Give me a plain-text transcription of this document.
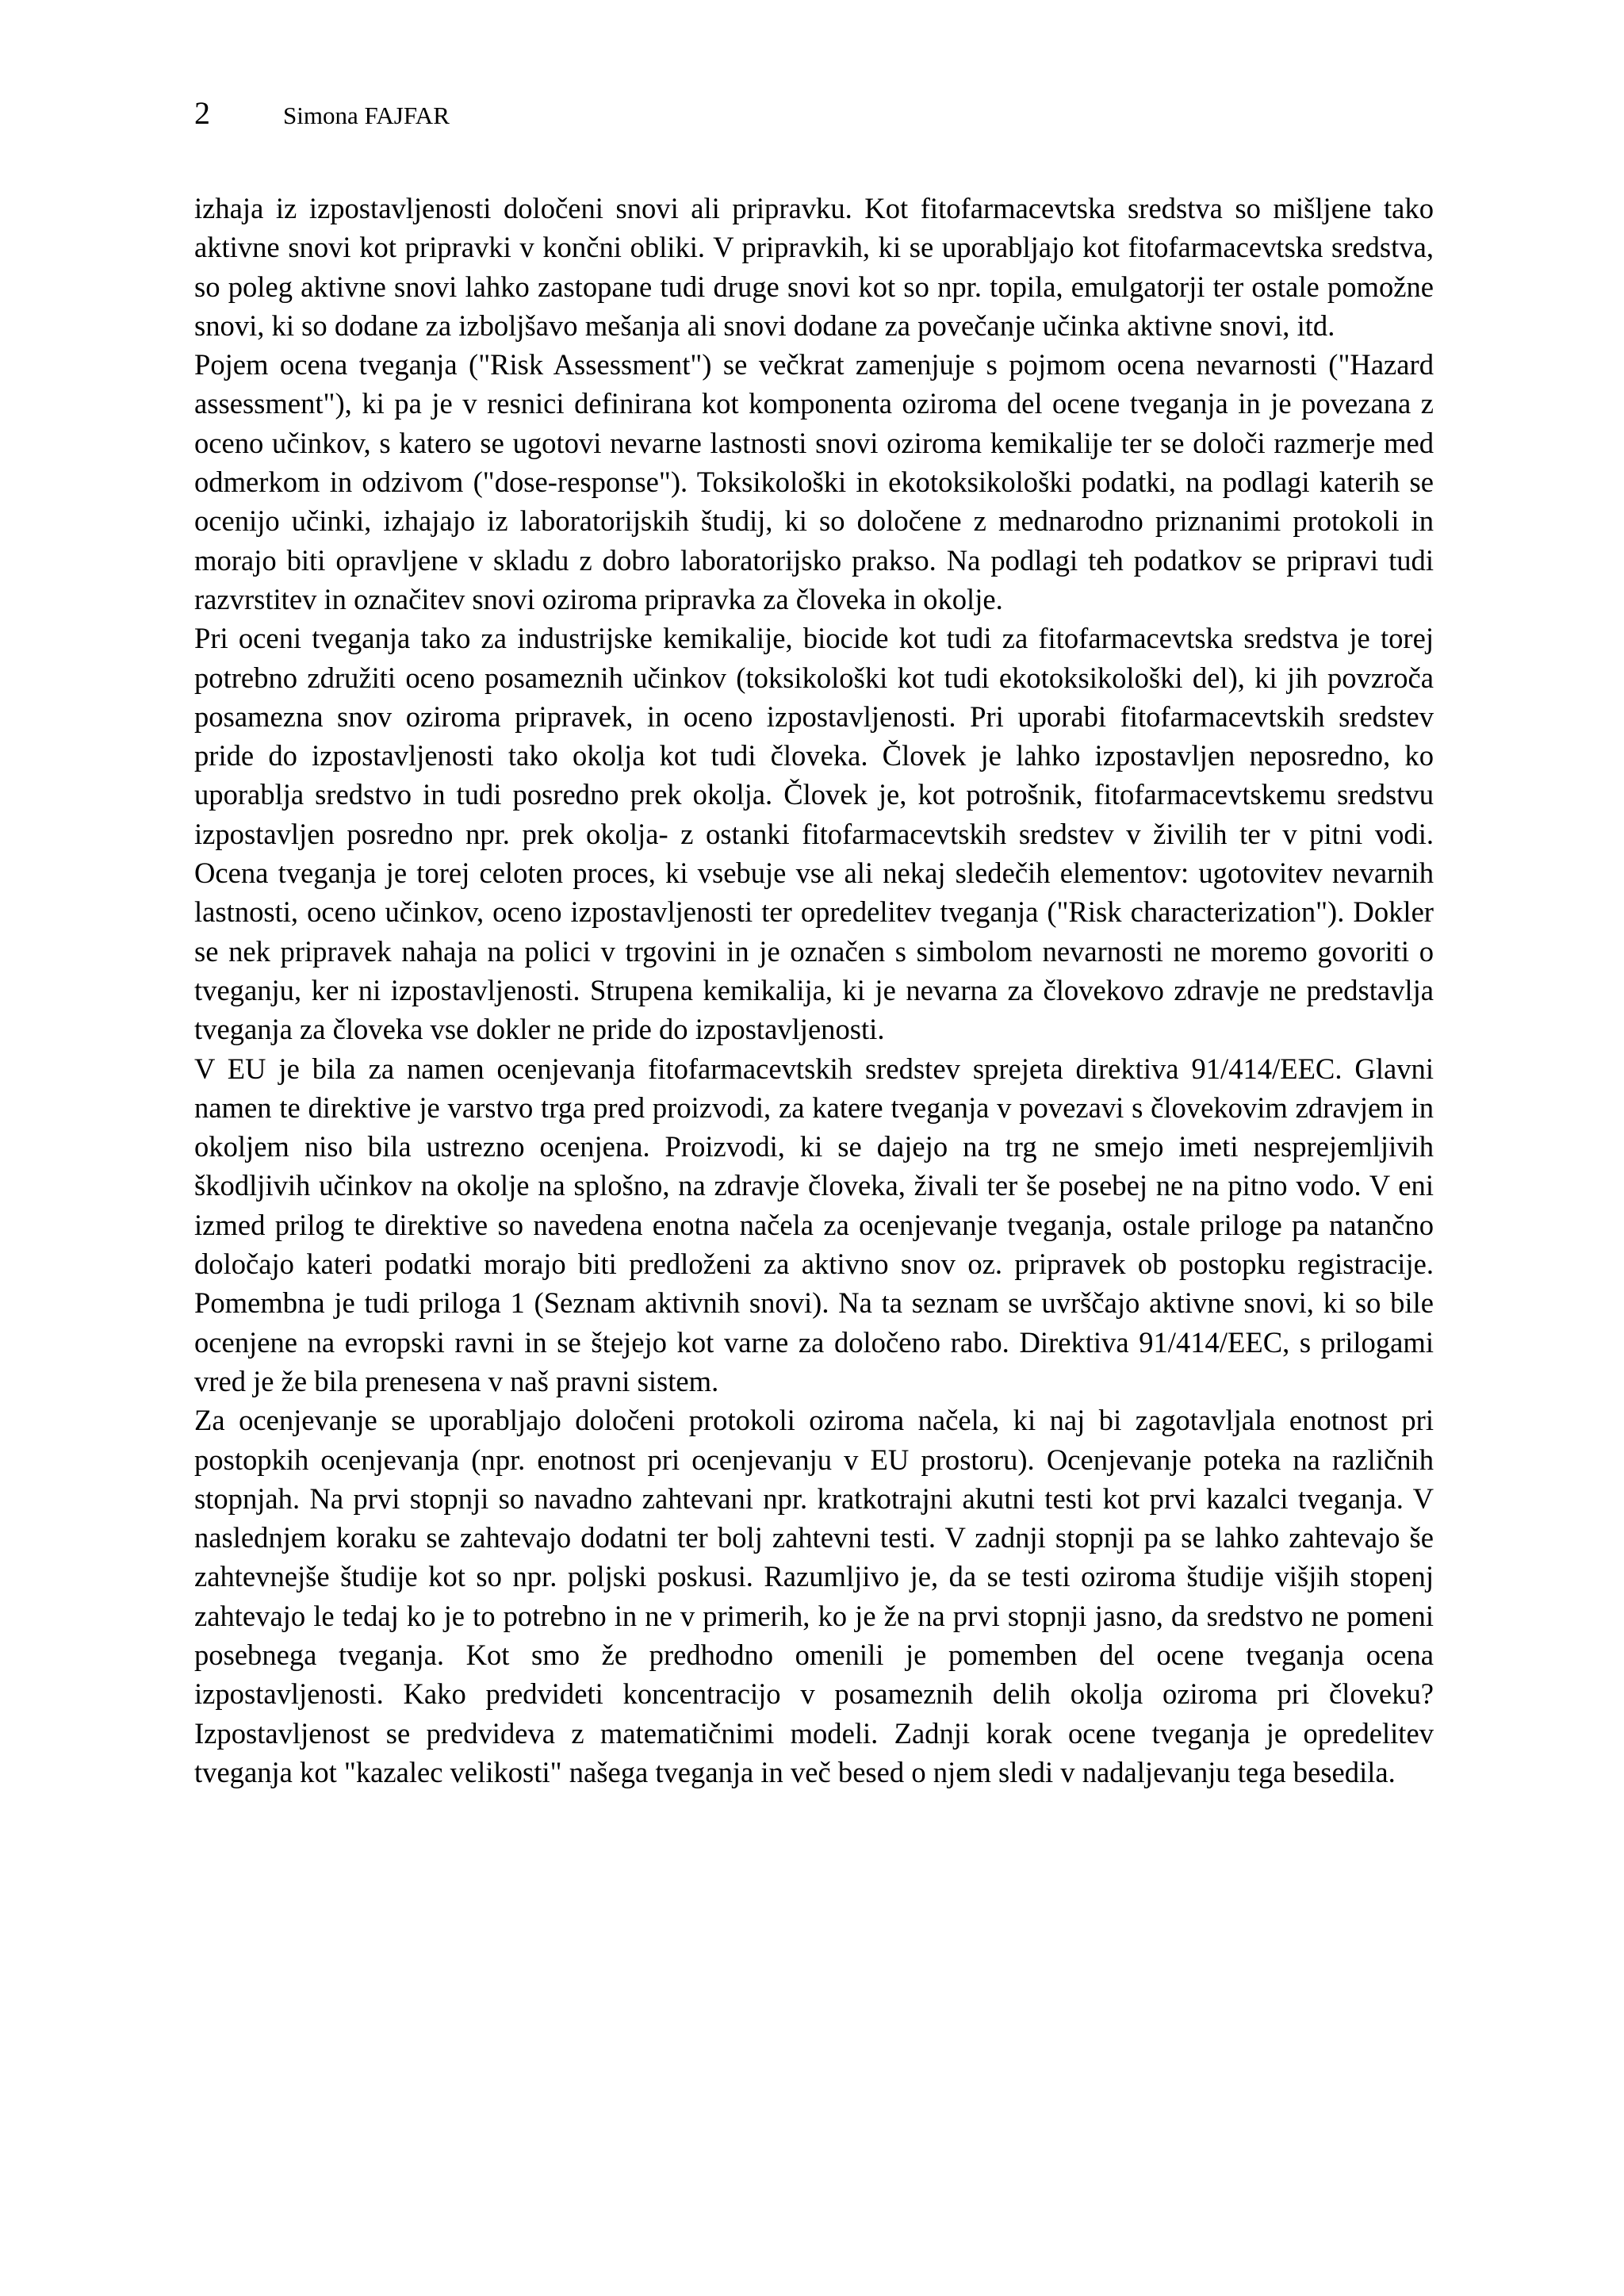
2	Simona FAJFAR

izhaja iz izpostavljenosti določeni snovi ali pripravku. Kot fitofarmacevtska sredstva so mišljene tako aktivne snovi kot pripravki v končni obliki. V pripravkih, ki se uporabljajo kot fitofarmacevtska sredstva, so poleg aktivne snovi lahko zastopane tudi druge snovi kot so npr. topila, emulgatorji ter ostale pomožne snovi, ki so dodane za izboljšavo mešanja ali snovi dodane za povečanje učinka aktivne snovi, itd.

Pojem ocena tveganja ("Risk Assessment") se večkrat zamenjuje s pojmom ocena nevarnosti ("Hazard assessment"), ki pa je v resnici definirana kot komponenta oziroma del ocene tveganja in je povezana z oceno učinkov, s katero se ugotovi nevarne lastnosti snovi oziroma kemikalije ter se določi razmerje med odmerkom in odzivom ("dose-response"). Toksikološki in ekotoksikološki podatki, na podlagi katerih se ocenijo učinki, izhajajo iz laboratorijskih študij, ki so določene z mednarodno priznanimi protokoli in morajo biti opravljene v skladu z dobro laboratorijsko prakso. Na podlagi teh podatkov se pripravi tudi razvrstitev in označitev snovi oziroma pripravka za človeka in okolje.

Pri oceni tveganja tako za industrijske kemikalije, biocide kot tudi za fitofarmacevtska sredstva je torej potrebno združiti oceno posameznih učinkov (toksikološki kot tudi ekotoksikološki del), ki jih povzroča posamezna snov oziroma pripravek, in oceno izpostavljenosti. Pri uporabi fitofarmacevtskih sredstev pride do izpostavljenosti tako okolja kot tudi človeka. Človek je lahko izpostavljen neposredno, ko uporablja sredstvo in tudi posredno prek okolja. Človek je, kot potrošnik, fitofarmacevtskemu sredstvu izpostavljen posredno npr. prek okolja- z ostanki fitofarmacevtskih sredstev v živilih ter v pitni vodi. Ocena tveganja je torej celoten proces, ki vsebuje vse ali nekaj sledečih elementov: ugotovitev nevarnih lastnosti, oceno učinkov, oceno izpostavljenosti ter opredelitev tveganja ("Risk characterization"). Dokler se nek pripravek nahaja na polici v trgovini in je označen s simbolom nevarnosti ne moremo govoriti o tveganju, ker ni izpostavljenosti. Strupena kemikalija, ki je nevarna za človekovo zdravje ne predstavlja tveganja za človeka vse dokler ne pride do izpostavljenosti.

V EU je bila za namen ocenjevanja fitofarmacevtskih sredstev sprejeta direktiva 91/414/EEC. Glavni namen te direktive je varstvo trga pred proizvodi, za katere tveganja v povezavi s človekovim zdravjem in okoljem niso bila ustrezno ocenjena. Proizvodi, ki se dajejo na trg ne smejo imeti nesprejemljivih škodljivih učinkov na okolje na splošno, na zdravje človeka, živali ter še posebej ne na pitno vodo. V eni izmed prilog te direktive so navedena enotna načela za ocenjevanje tveganja, ostale priloge pa natančno določajo kateri podatki morajo biti predloženi za aktivno snov oz. pripravek ob postopku registracije. Pomembna je tudi priloga 1 (Seznam aktivnih snovi). Na ta seznam se uvrščajo aktivne snovi, ki so bile ocenjene na evropski ravni in se štejejo kot varne za določeno rabo. Direktiva 91/414/EEC, s prilogami vred je že bila prenesena v naš pravni sistem.

Za ocenjevanje se uporabljajo določeni protokoli oziroma načela, ki naj bi zagotavljala enotnost pri postopkih ocenjevanja (npr. enotnost pri ocenjevanju v EU prostoru). Ocenjevanje poteka na različnih stopnjah. Na prvi stopnji so navadno zahtevani npr. kratkotrajni akutni testi kot prvi kazalci tveganja. V naslednjem koraku se zahtevajo dodatni ter bolj zahtevni testi. V zadnji stopnji pa se lahko zahtevajo še zahtevnejše študije kot so npr. poljski poskusi. Razumljivo je, da se testi oziroma študije višjih stopenj zahtevajo le tedaj ko je to potrebno in ne v primerih, ko je že na prvi stopnji jasno, da sredstvo ne pomeni posebnega tveganja. Kot smo že predhodno omenili je pomemben del ocene tveganja ocena izpostavljenosti. Kako predvideti koncentracijo v posameznih delih okolja oziroma pri človeku? Izpostavljenost se predvideva z matematičnimi modeli. Zadnji korak ocene tveganja je opredelitev tveganja kot "kazalec velikosti" našega tveganja in več besed o njem sledi v nadaljevanju tega besedila.
